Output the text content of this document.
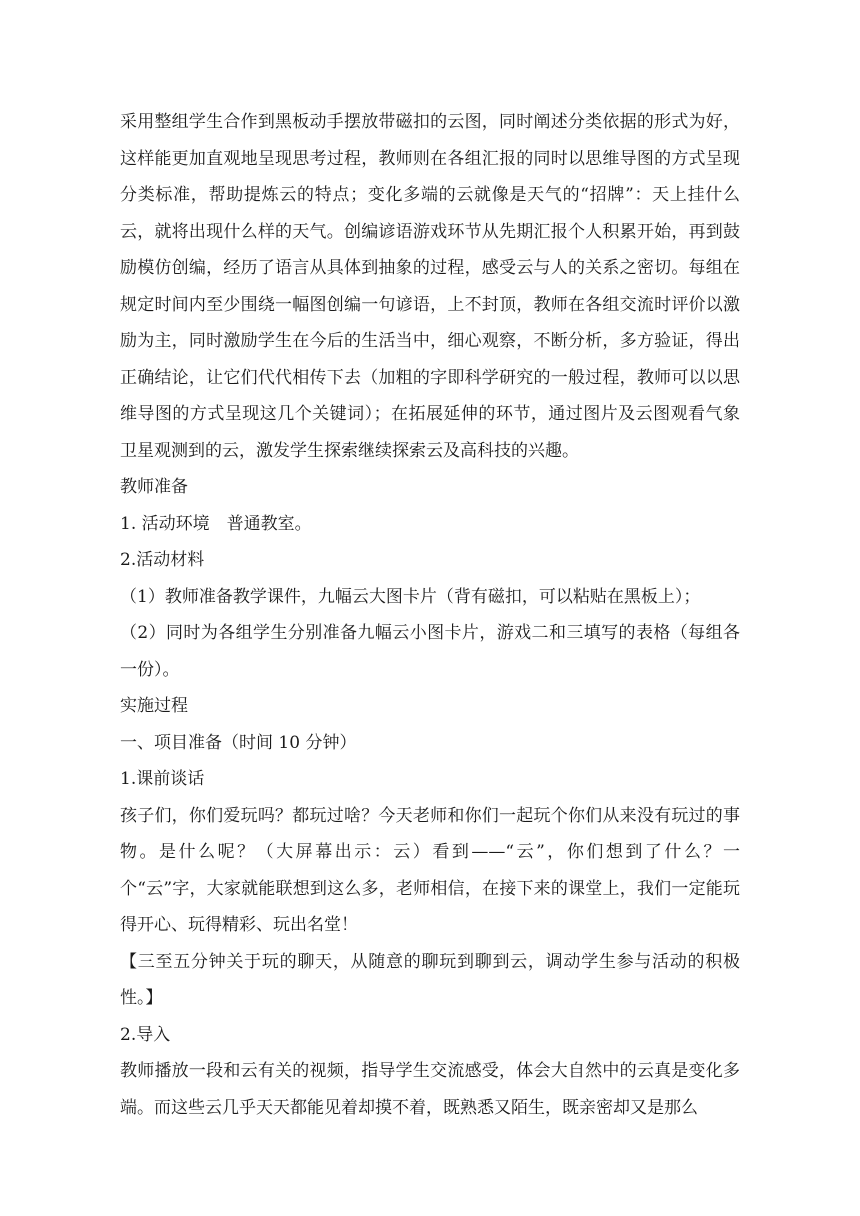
采用整组学生合作到黑板动手摆放带磁扣的云图，同时阐述分类依据的形式为好，这样能更加直观地呈现思考过程，教师则在各组汇报的同时以思维导图的方式呈现分类标准，帮助提炼云的特点；变化多端的云就像是天气的“招牌”：天上挂什么云，就将出现什么样的天气。创编谚语游戏环节从先期汇报个人积累开始，再到鼓励模仿创编，经历了语言从具体到抽象的过程，感受云与人的关系之密切。每组在规定时间内至少围绕一幅图创编一句谚语，上不封顶，教师在各组交流时评价以激励为主，同时激励学生在今后的生活当中，细心观察，不断分析，多方验证，得出正确结论，让它们代代相传下去（加粗的字即科学研究的一般过程，教师可以以思维导图的方式呈现这几个关键词）；在拓展延伸的环节，通过图片及云图观看气象卫星观测到的云，激发学生探索继续探索云及高科技的兴趣。

教师准备

1. 活动环境　普通教室。

2.活动材料

（1）教师准备教学课件，九幅云大图卡片（背有磁扣，可以粘贴在黑板上）；

（2）同时为各组学生分别准备九幅云小图卡片，游戏二和三填写的表格（每组各一份）。

实施过程

一、项目准备（时间 10 分钟）

1.课前谈话

孩子们，你们爱玩吗？都玩过啥？今天老师和你们一起玩个你们从来没有玩过的事物。是什么呢？（大屏幕出示：云）看到——“云”，你们想到了什么？一个“云”字，大家就能联想到这么多，老师相信，在接下来的课堂上，我们一定能玩得开心、玩得精彩、玩出名堂！

【三至五分钟关于玩的聊天，从随意的聊玩到聊到云，调动学生参与活动的积极性。】

2.导入

教师播放一段和云有关的视频，指导学生交流感受，体会大自然中的云真是变化多端。而这些云几乎天天都能见着却摸不着，既熟悉又陌生，既亲密却又是那么
